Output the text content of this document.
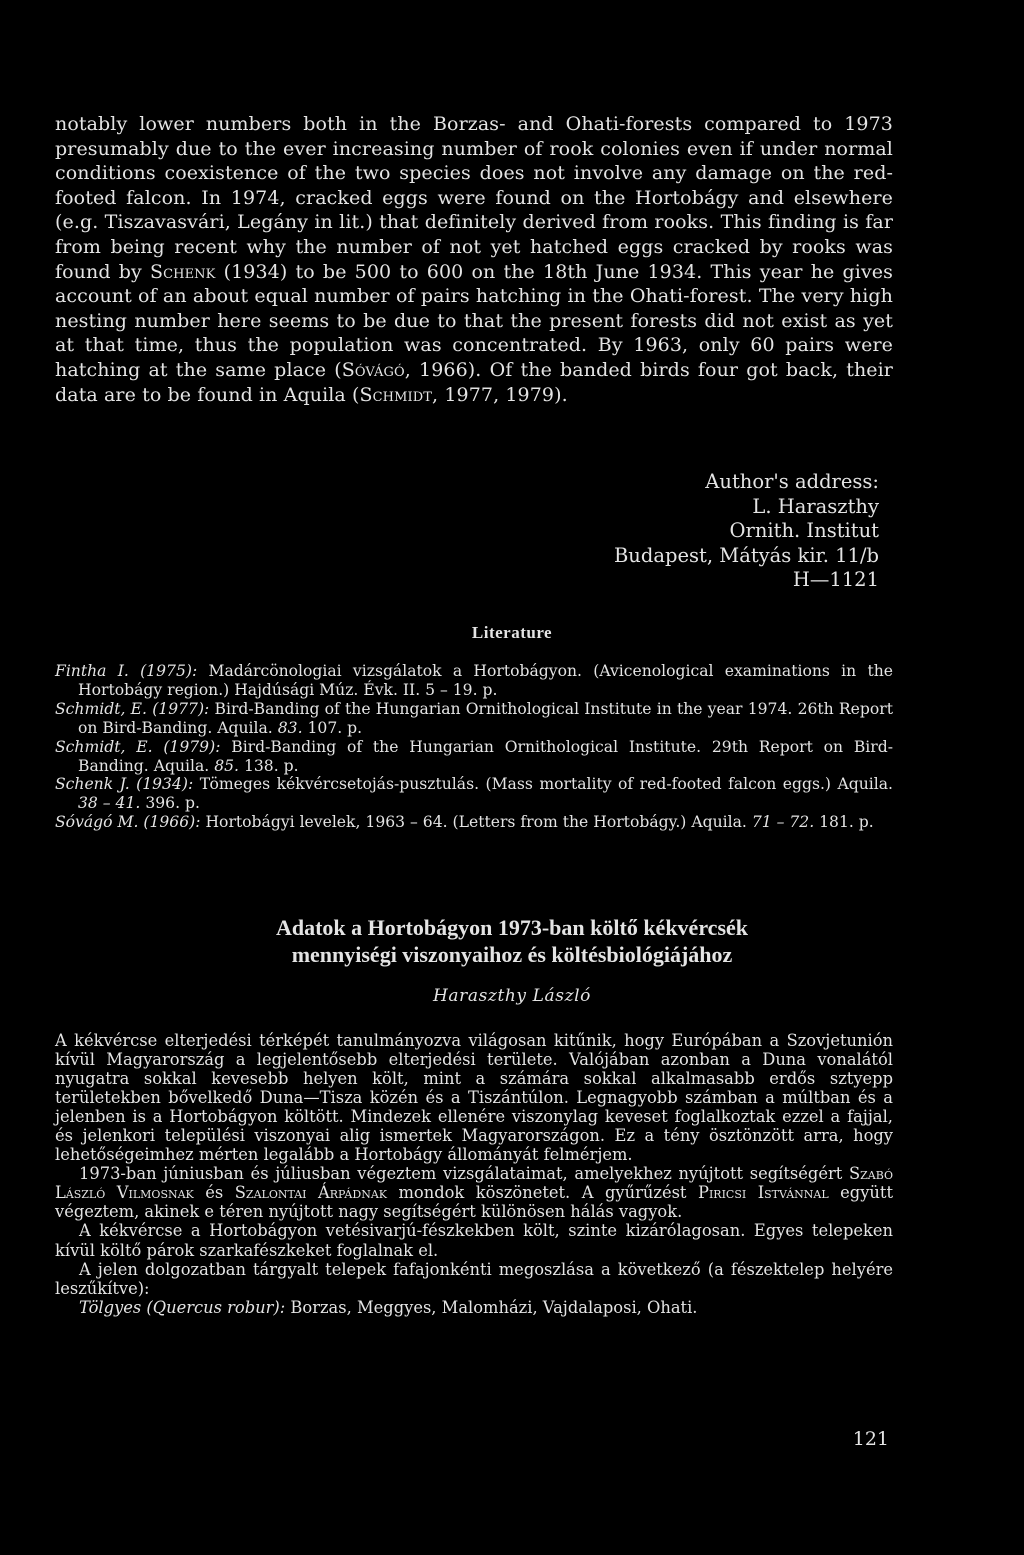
notably lower numbers both in the Borzas- and Ohati-forests compared to 1973 presumably due to the ever increasing number of rook colonies even if under normal conditions coexistence of the two species does not involve any damage on the red-footed falcon. In 1974, cracked eggs were found on the Hortobágy and elsewhere (e.g. Tiszavasvári, Legány in lit.) that definitely derived from rooks. This finding is far from being recent why the number of not yet hatched eggs cracked by rooks was found by Schenk (1934) to be 500 to 600 on the 18th June 1934. This year he gives account of an about equal number of pairs hatching in the Ohati-forest. The very high nesting number here seems to be due to that the present forests did not exist as yet at that time, thus the population was concentrated. By 1963, only 60 pairs were hatching at the same place (Sóvágó, 1966). Of the banded birds four got back, their data are to be found in Aquila (Schmidt, 1977, 1979).

Author's address:
L. Haraszthy
Ornith. Institut
Budapest, Mátyás kir. 11/b
H—1121
Literature
Fintha I. (1975): Madárcönologiai vizsgálatok a Hortobágyon. (Avicenological examinations in the Hortobágy region.) Hajdúsági Múz. Évk. II. 5 – 19. p.
Schmidt, E. (1977): Bird-Banding of the Hungarian Ornithological Institute in the year 1974. 26th Report on Bird-Banding. Aquila. 83. 107. p.
Schmidt, E. (1979): Bird-Banding of the Hungarian Ornithological Institute. 29th Report on Bird-Banding. Aquila. 85. 138. p.
Schenk J. (1934): Tömeges kékvércsetojás-pusztulás. (Mass mortality of red-footed falcon eggs.) Aquila. 38 – 41. 396. p.
Sóvágó M. (1966): Hortobágyi levelek, 1963 – 64. (Letters from the Hortobágy.) Aquila. 71 – 72. 181. p.
Adatok a Hortobágyon 1973-ban költő kékvércsék
mennyiségi viszonyaihoz és költésbiológiájához
Haraszthy László

A kékvércse elterjedési térképét tanulmányozva világosan kitűnik, hogy Európában a Szovjetunión kívül Magyarország a legjelentősebb elterjedési területe. Valójában azonban a Duna vonalától nyugatra sokkal kevesebb helyen költ, mint a számára sokkal alkalmasabb erdős sztyepp területekben bővelkedő Duna—Tisza közén és a Tiszántúlon. Legnagyobb számban a múltban és a jelenben is a Hortobágyon költött. Mindezek ellenére viszonylag keveset foglalkoztak ezzel a fajjal, és jelenkori települési viszonyai alig ismertek Magyarországon. Ez a tény ösztönzött arra, hogy lehetőségeimhez mérten legalább a Hortobágy állományát felmérjem.

1973-ban júniusban és júliusban végeztem vizsgálataimat, amelyekhez nyújtott segítségért Szabó László Vilmosnak és Szalontai Árpádnak mondok köszönetet. A gyűrűzést Piricsi Istvánnal együtt végeztem, akinek e téren nyújtott nagy segítségért különösen hálás vagyok.

A kékvércse a Hortobágyon vetésivarjú-fészkekben költ, szinte kizárólagosan. Egyes telepeken kívül költő párok szarkafészkeket foglalnak el.

A jelen dolgozatban tárgyalt telepek fafajonkénti megoszlása a következő (a fészektelep helyére leszűkítve):

Tölgyes (Quercus robur): Borzas, Meggyes, Malomházi, Vajdalaposi, Ohati.

121
